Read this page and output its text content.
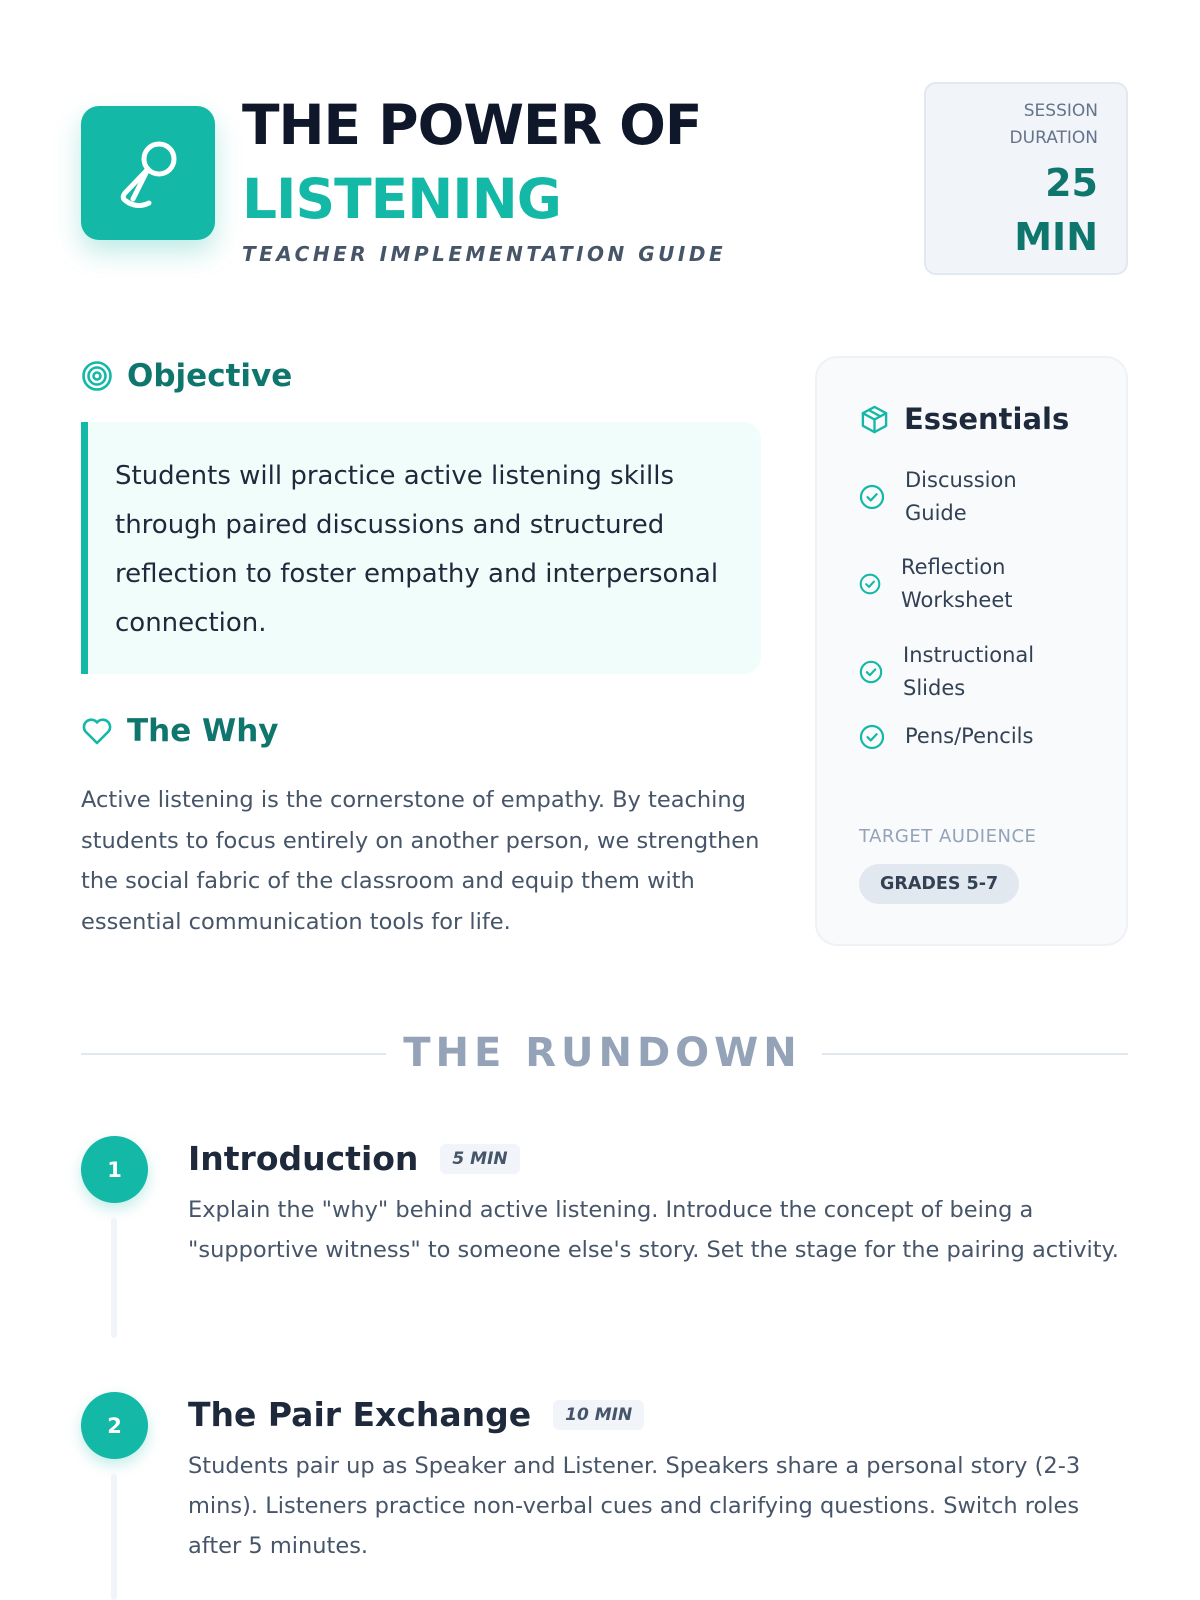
THE POWER OF
LISTENING
TEACHER IMPLEMENTATION GUIDE
SESSION
DURATION
25
MIN
Objective

Students will practice active listening skills through paired discussions and structured reflection to foster empathy and interpersonal connection.

The Why

Active listening is the cornerstone of empathy. By teaching students to focus entirely on another person, we strengthen the social fabric of the classroom and equip them with essential communication tools for life.

Essentials
Discussion
Guide
Reflection
Worksheet
Instructional
Slides
Pens/Pencils
TARGET AUDIENCE
GRADES 5-7
THE RUNDOWN
1	Introduction	5 MIN

Explain the "why" behind active listening. Introduce the concept of being a "supportive witness" to someone else's story. Set the stage for the pairing activity.

2	The Pair Exchange	10 MIN

Students pair up as Speaker and Listener. Speakers share a personal story (2-3 mins). Listeners practice non-verbal cues and clarifying questions. Switch roles after 5 minutes.
